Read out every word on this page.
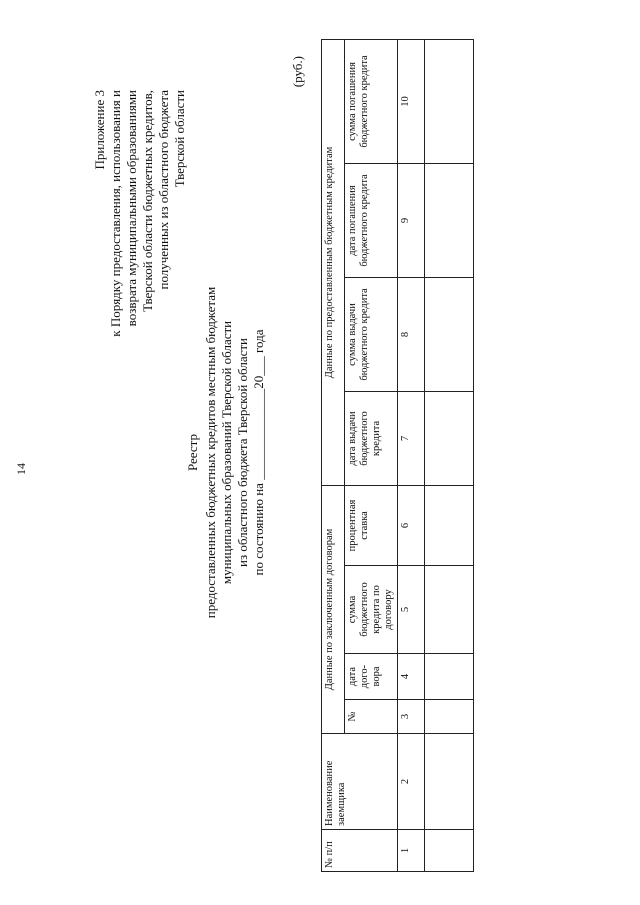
14
Приложение 3 к Порядку предоставления, использования и возврата муниципальными образованиями Тверской области бюджетных кредитов, полученных из областного бюджета Тверской области
Реестр предоставленных бюджетных кредитов местным бюджетам муниципальных образований Тверской области из областного бюджета Тверской области по состоянию на ______________20___ года
(руб.)
№ п/п	Наименование заемщика	Данные по заключенным договорам				Данные по предоставленным бюджетным кредитам			
		№	дата дого-вора	сумма бюджетного кредита по договору	процентная ставка	дата выдачи бюджетного кредита	сумма выдачи бюджетного кредита	дата погашения бюджетного кредита	сумма погашения бюджетного кредита
1	2	3	4	5	6	7	8	9	10
